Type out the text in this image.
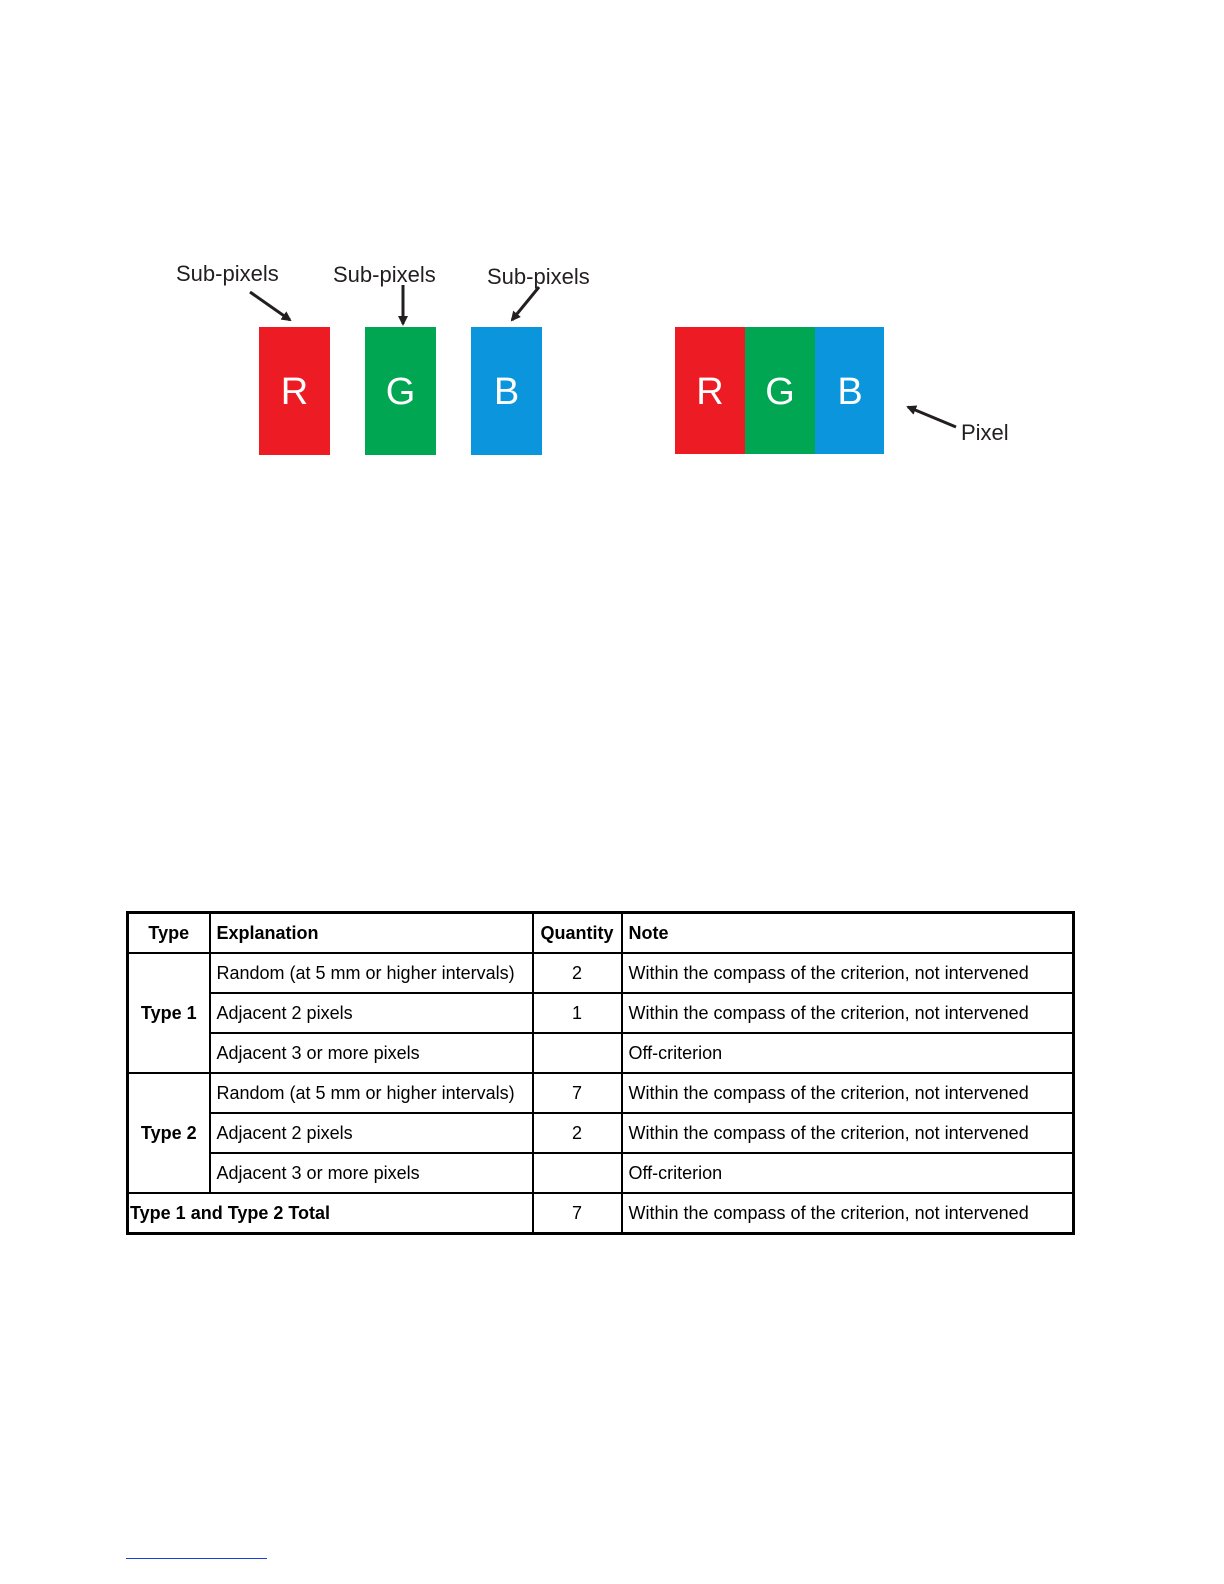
R G B
Sub-pixels Sub-pixels Sub-pixels
R G B
Pixel
Type	Explanation	Quantity	Note
Type 1	Random (at 5 mm or higher intervals)	2	Within the compass of the criterion, not intervened
	Adjacent 2 pixels	1	Within the compass of the criterion, not intervened
	Adjacent 3 or more pixels		Off-criterion
Type 2	Random (at 5 mm or higher intervals)	7	Within the compass of the criterion, not intervened
	Adjacent 2 pixels	2	Within the compass of the criterion, not intervened
	Adjacent 3 or more pixels		Off-criterion
Type 1 and Type 2 Total		7	Within the compass of the criterion, not intervened
